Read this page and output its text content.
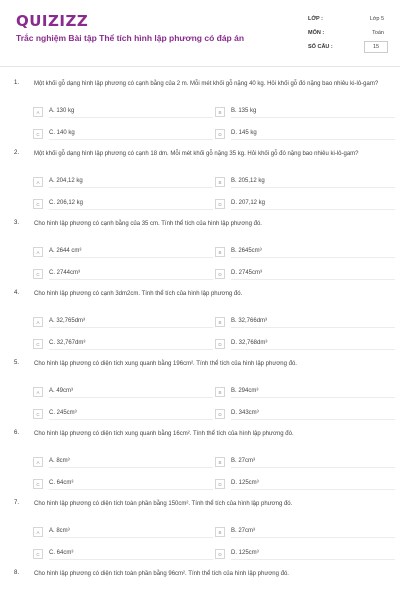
QUIZIZZ
Trắc nghiệm Bài tập Thể tích hình lập phương có đáp án
LỚP :	Lớp 5
MÔN :	Toán
SỐ CÂU :	15
1. Một khối gỗ dạng hình lập phương có cạnh bằng của 2 m. Mỗi mét khối gỗ nặng 40 kg. Hỏi khối gỗ đó nặng bao nhiêu ki-lô-gam?
A	A. 130 kg	B	B. 135 kg
C	C. 140 kg	D	D. 145 kg
2. Một khối gỗ dạng hình lập phương có cạnh 18 dm. Mỗi mét khối gỗ nặng 35 kg. Hỏi khối gỗ đó nặng bao nhiêu ki-lô-gam?
A	A. 204,12 kg	B	B. 205,12 kg
C	C. 206,12 kg	D	D. 207,12 kg
3. Cho hình lập phương có cạnh bằng của 35 cm. Tính thể tích của hình lập phương đó.
A	A. 2644 cm³	B	B. 2645cm³
C	C. 2744cm³	D	D. 2745cm³
4. Cho hình lập phương có cạnh 3dm2cm. Tính thể tích của hình lập phương đó.
A	A. 32,765dm³	B	B. 32,766dm³
C	C. 32,767dm³	D	D. 32,768dm³
5. Cho hình lập phương có diện tích xung quanh bằng 196cm². Tính thể tích của hình lập phương đó.
A	A. 49cm³	B	B. 294cm³
C	C. 245cm³	D	D. 343cm³
6. Cho hình lập phương có diện tích xung quanh bằng 16cm². Tính thể tích của hình lập phương đó.
A	A. 8cm³	B	B. 27cm³
C	C. 64cm³	D	D. 125cm³
7. Cho hình lập phương có diện tích toàn phần bằng 150cm². Tính thể tích của hình lập phương đó.
A	A. 8cm³	B	B. 27cm³
C	C. 64cm³	D	D. 125cm³
8. Cho hình lập phương có diện tích toàn phần bằng 96cm². Tính thể tích của hình lập phương đó.
